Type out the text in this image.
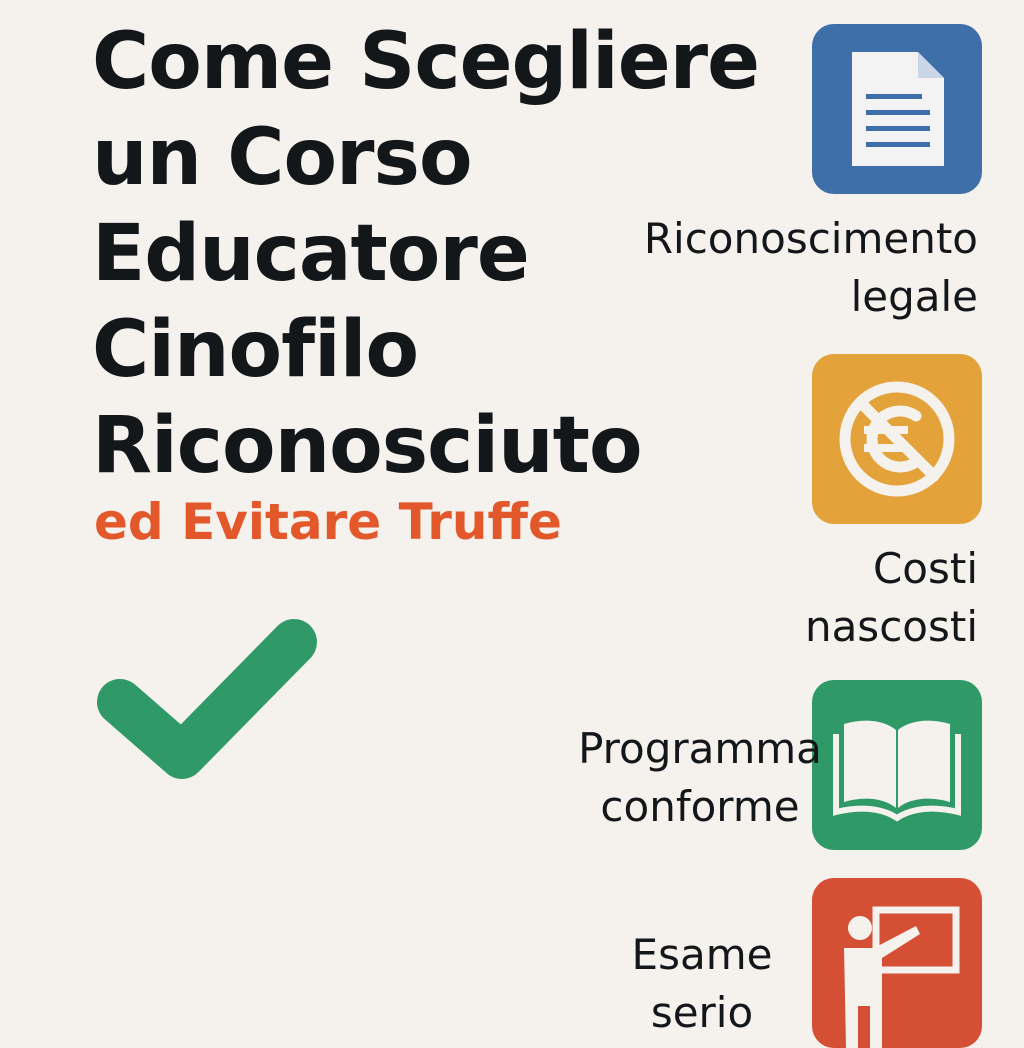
Come Scegliere
un Corso
Educatore
Cinofilo
Riconosciuto
ed Evitare Truffe
Riconoscimento
legale
Costi
nascosti
Programma
conforme
Esame
serio
